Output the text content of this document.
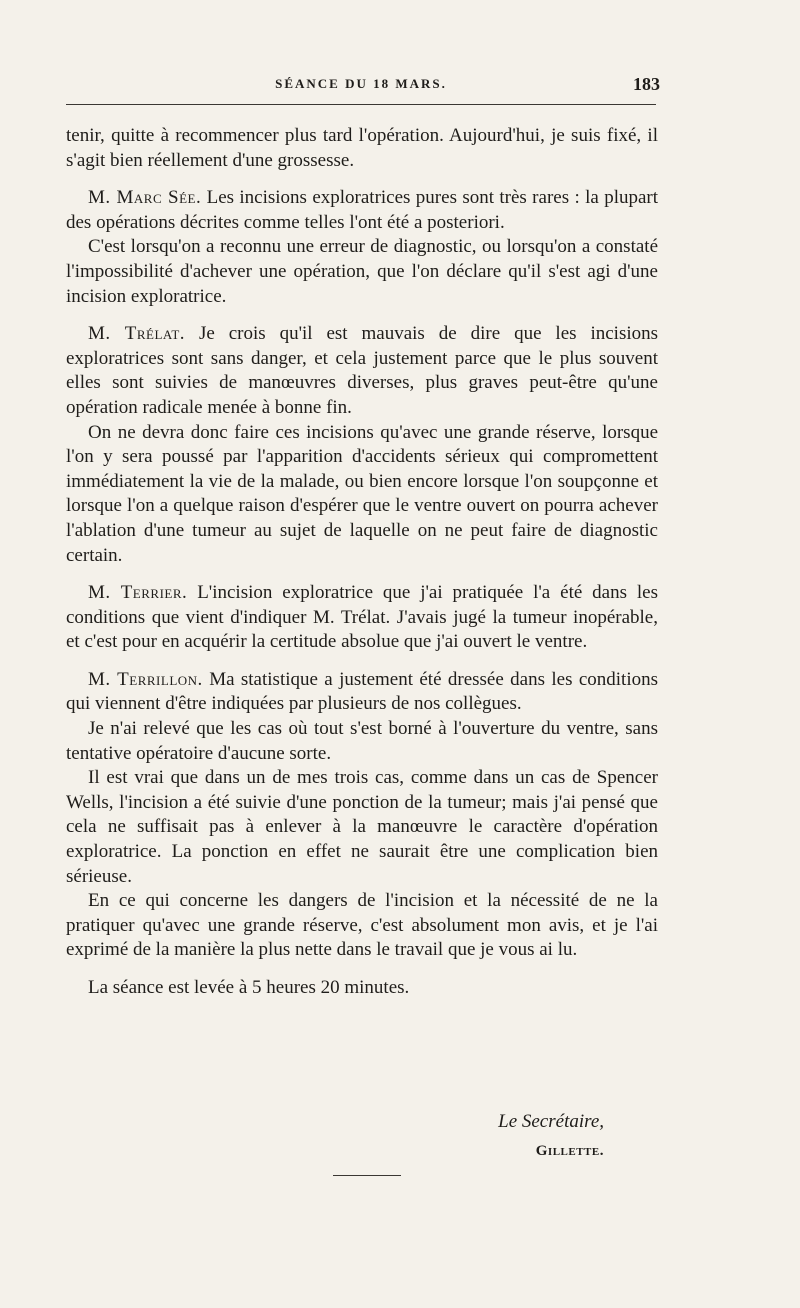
SÉANCE DU 18 MARS.	183

tenir, quitte à recommencer plus tard l'opération. Aujourd'hui, je suis fixé, il s'agit bien réellement d'une grossesse.

M. Marc Sée. Les incisions exploratrices pures sont très rares : la plupart des opérations décrites comme telles l'ont été a posteriori.

C'est lorsqu'on a reconnu une erreur de diagnostic, ou lorsqu'on a constaté l'impossibilité d'achever une opération, que l'on déclare qu'il s'est agi d'une incision exploratrice.

M. Trélat. Je crois qu'il est mauvais de dire que les incisions exploratrices sont sans danger, et cela justement parce que le plus souvent elles sont suivies de manœuvres diverses, plus graves peut-être qu'une opération radicale menée à bonne fin.

On ne devra donc faire ces incisions qu'avec une grande réserve, lorsque l'on y sera poussé par l'apparition d'accidents sérieux qui compromettent immédiatement la vie de la malade, ou bien encore lorsque l'on soupçonne et lorsque l'on a quelque raison d'espérer que le ventre ouvert on pourra achever l'ablation d'une tumeur au sujet de laquelle on ne peut faire de diagnostic certain.

M. Terrier. L'incision exploratrice que j'ai pratiquée l'a été dans les conditions que vient d'indiquer M. Trélat. J'avais jugé la tumeur inopérable, et c'est pour en acquérir la certitude absolue que j'ai ouvert le ventre.

M. Terrillon. Ma statistique a justement été dressée dans les conditions qui viennent d'être indiquées par plusieurs de nos collègues.

Je n'ai relevé que les cas où tout s'est borné à l'ouverture du ventre, sans tentative opératoire d'aucune sorte.

Il est vrai que dans un de mes trois cas, comme dans un cas de Spencer Wells, l'incision a été suivie d'une ponction de la tumeur; mais j'ai pensé que cela ne suffisait pas à enlever à la manœuvre le caractère d'opération exploratrice. La ponction en effet ne saurait être une complication bien sérieuse.

En ce qui concerne les dangers de l'incision et la nécessité de ne la pratiquer qu'avec une grande réserve, c'est absolument mon avis, et je l'ai exprimé de la manière la plus nette dans le travail que je vous ai lu.

La séance est levée à 5 heures 20 minutes.

Le Secrétaire,
Gillette.
